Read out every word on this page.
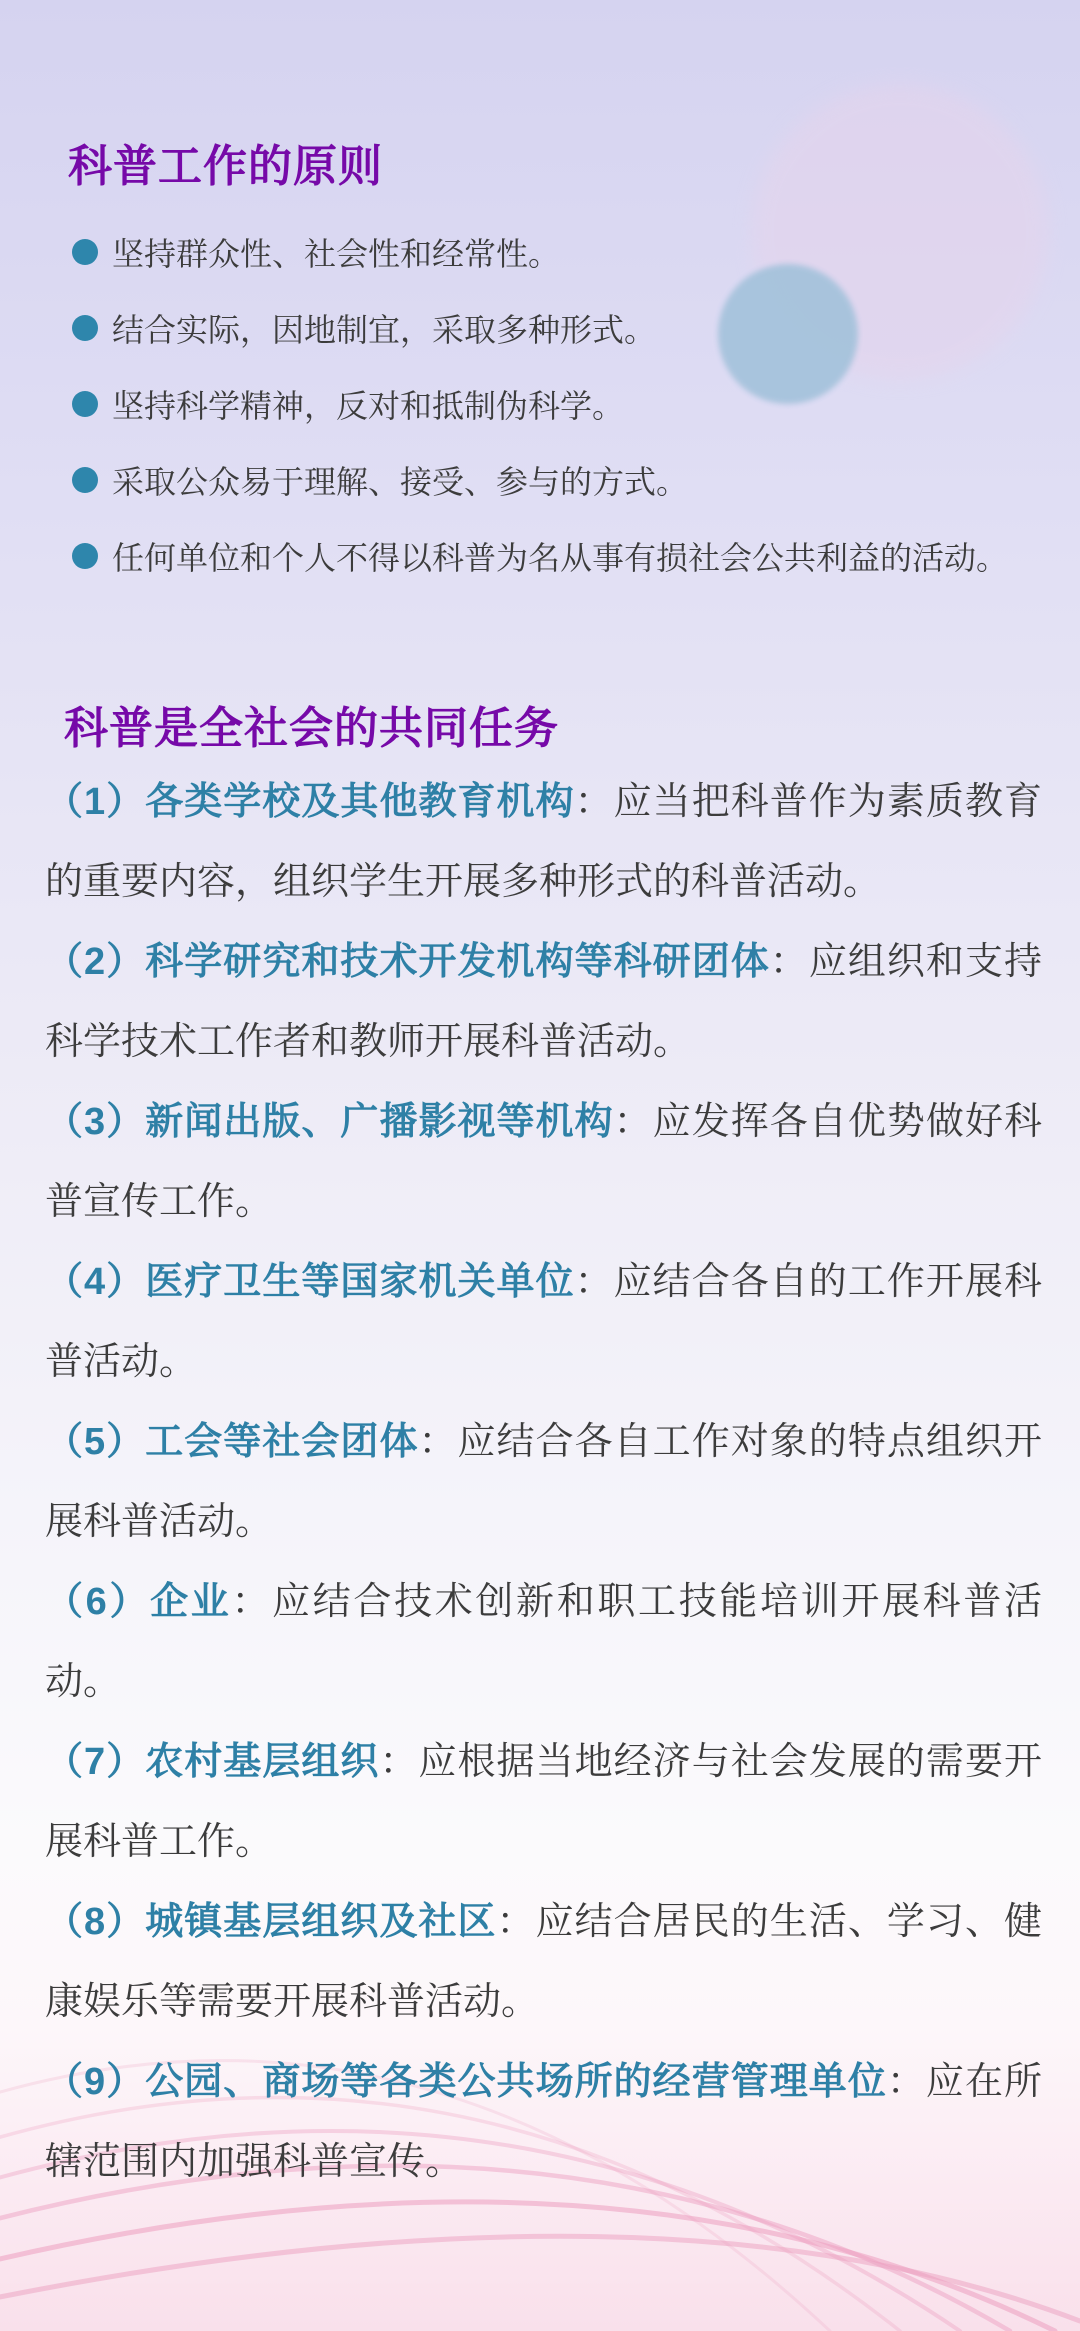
科普工作的原则
坚持群众性、社会性和经常性。
结合实际，因地制宜，采取多种形式。
坚持科学精神，反对和抵制伪科学。
采取公众易于理解、接受、参与的方式。
任何单位和个人不得以科普为名从事有损社会公共利益的活动。
科普是全社会的共同任务

（1）各类学校及其他教育机构：应当把科普作为素质教育的重要内容，组织学生开展多种形式的科普活动。

（2）科学研究和技术开发机构等科研团体：应组织和支持科学技术工作者和教师开展科普活动。

（3）新闻出版、广播影视等机构：应发挥各自优势做好科普宣传工作。

（4）医疗卫生等国家机关单位：应结合各自的工作开展科普活动。

（5）工会等社会团体：应结合各自工作对象的特点组织开展科普活动。

（6）企业：应结合技术创新和职工技能培训开展科普活动。

（7）农村基层组织：应根据当地经济与社会发展的需要开展科普工作。

（8）城镇基层组织及社区：应结合居民的生活、学习、健康娱乐等需要开展科普活动。

（9）公园、商场等各类公共场所的经营管理单位：应在所辖范围内加强科普宣传。
